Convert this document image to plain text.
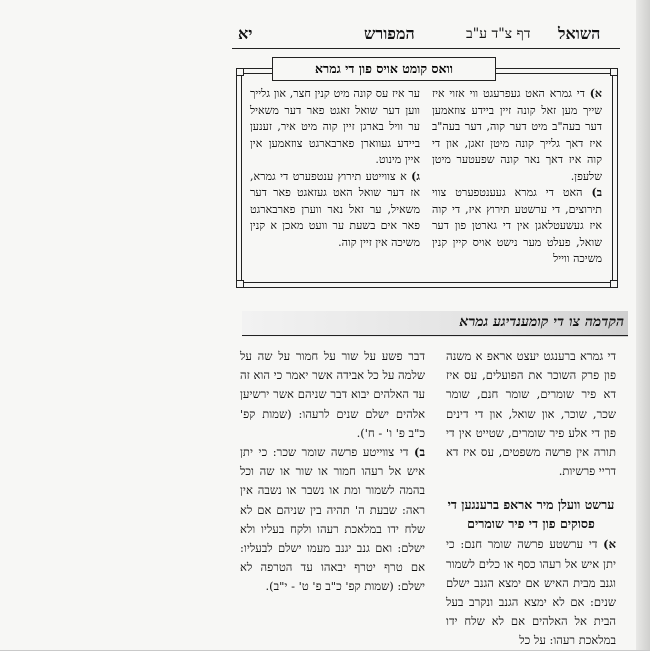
השואל
המפורש	דף צ"ד ע"ב
יא
וואס קומט אויס פון די גמרא

א) די גמרא האט געפרעגט ווי אזוי איז שייך מען זאל קונה זיין ביידע צוזאמען דער בעה"ב מיט דער קוה, דער בעה"ב איז דאך גלייך קונה מיטן זאגן, און די קוה איז דאך נאר קונה שפעטער מיטן שלעפן.

ב) האט די גמרא געענטפערט צווי תירוצים, די ערשטע תירוץ איז, די קוה איז געשעטלאגן אין די גארטן פון דער שואל, פעלט מער נישט אויס קיין קנין משיכה ווייל

ער איז עס קונה מיט קנין חצר, און גלייך ווען דער שואל זאגט פאר דער משאיל ער וויל בארגן זיין קוה מיט איר, זענען ביידע געווארן פארבארגט צוזאמען אין איין מינוט.

ג) א צווייטע תירוץ ענטפערט די גמרא, אז דער שואל האט געזאגט פאר דער משאיל, ער זאל נאר ווערן פארבארגט פאר אים בשעת ער וועט מאכן א קנין משיכה אין זיין קוה.

הקדמה צו די קומענדיגע גמרא

די גמרא ברענגט יעצט אראפ א משנה פון פרק השוכר את הפועלים, עס איז דא פיר שומרים, שומר חנם, שומר שכר, שוכר, און שואל, און די דינים פון די אלע פיר שומרים, שטייט אין די תורה אין פרשה משפטים, עס איז דא דריי פרשיות.

ערשט וועלן מיר אראפ ברענגען די פסוקים פון די פיר שומרים

א) די ערשטע פרשה שומר חנם: כי יתן איש אל רעהו כסף או כלים לשמור וגנב מבית האיש אם ימצא הגנב ישלם שנים: אם לא ימצא הגנב ונקרב בעל הבית אל האלהים אם לא שלח ידו במלאכת רעהו: על כל

דבר פשע על שור על חמור על שה על שלמה על כל אבידה אשר יאמר כי הוא זה עד האלהים יבוא דבר שניהם אשר ירשיען אלהים ישלם שנים לרעהו: (שמות קפ' כ"ב פ' ו' - ח').

ב) די צווייטע פרשה שומר שכר: כי יתן איש אל רעהו חמור או שור או שה וכל בהמה לשמור ומת או נשבר או נשבה אין ראה: שבעת ה' תהיה בין שניהם אם לא שלח ידו במלאכת רעהו ולקח בעליו ולא ישלם: ואם גנב יגנב מעמו ישלם לבעליו: אם טרף יטרף יבאהו עד הטרפה לא ישלם: (שמות קפ' כ"ב פ' ט' - י"ב).
